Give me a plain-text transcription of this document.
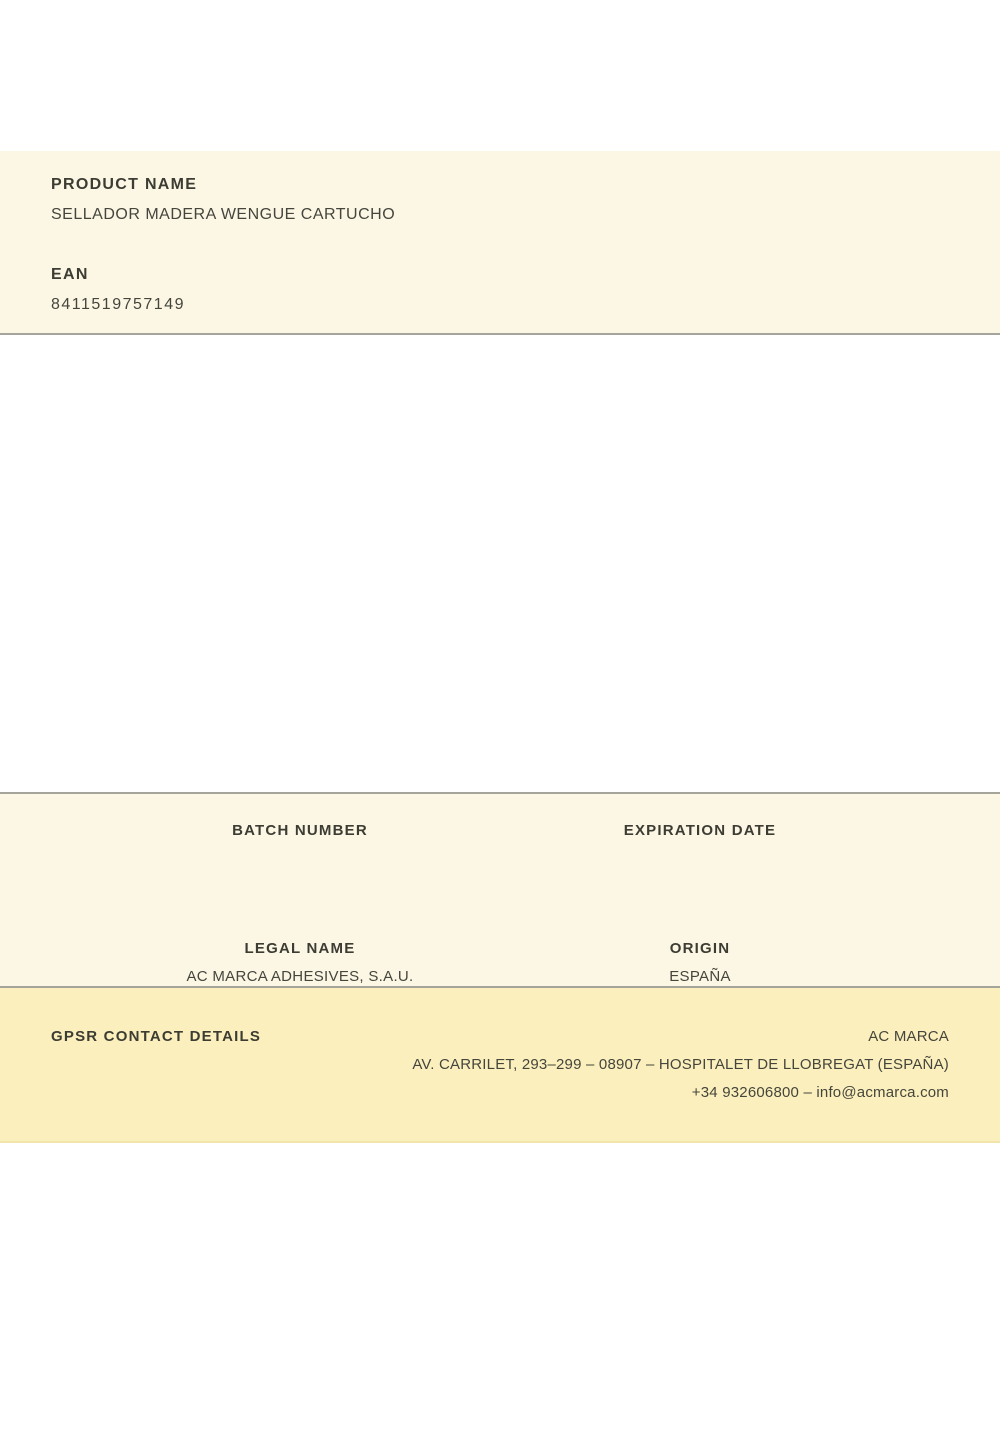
PRODUCT NAME
SELLADOR MADERA WENGUE CARTUCHO
EAN
8411519757149
BATCH NUMBER	EXPIRATION DATE
LEGAL NAME
AC MARCA ADHESIVES, S.A.U.
ORIGIN
ESPAÑA
GPSR CONTACT DETAILS	AC MARCA
AV. CARRILET, 293–299 – 08907 – HOSPITALET DE LLOBREGAT (ESPAÑA)
+34 932606800 – info@acmarca.com
